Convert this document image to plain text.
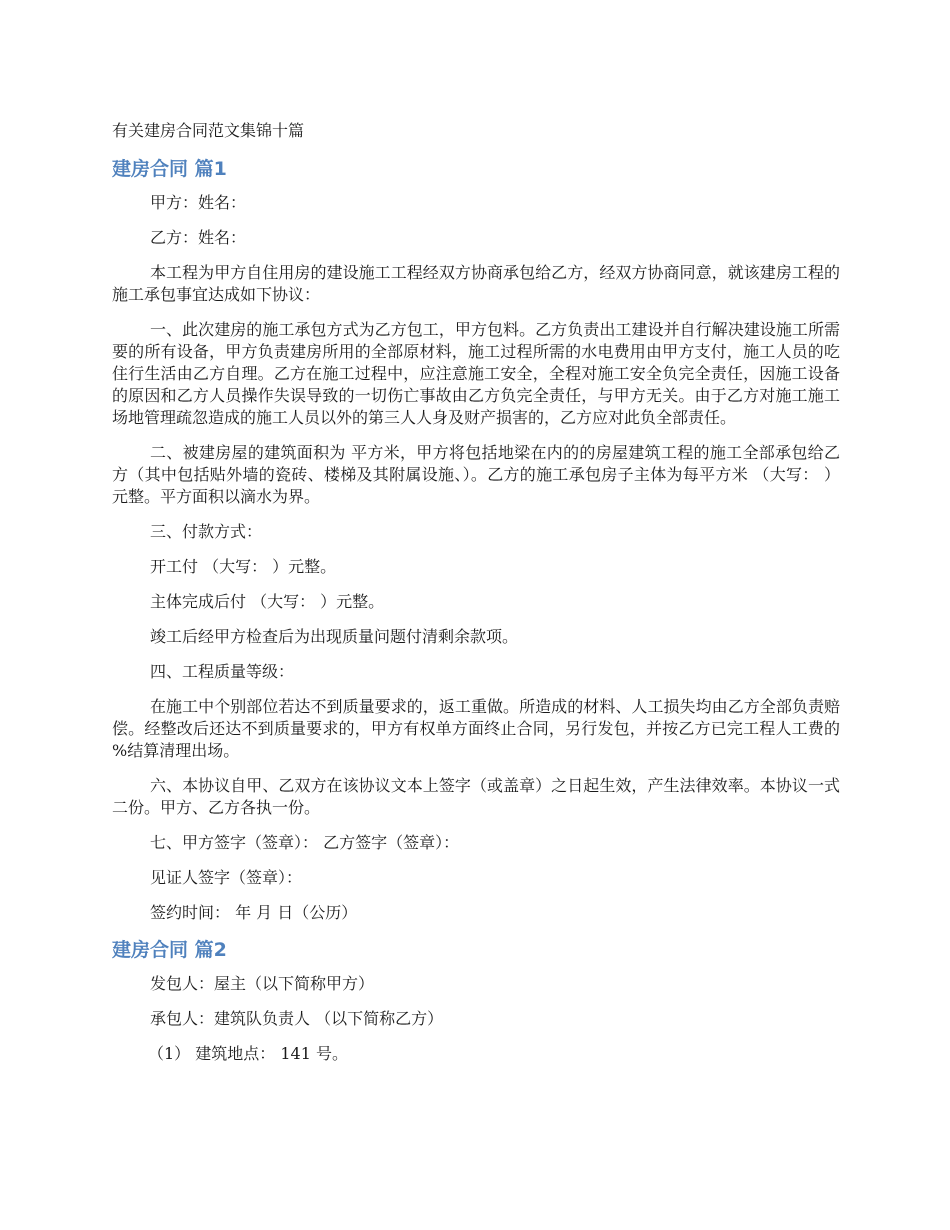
有关建房合同范文集锦十篇
建房合同 篇1

甲方：姓名：

乙方：姓名：

本工程为甲方自住用房的建设施工工程经双方协商承包给乙方，经双方协商同意，就该建房工程的施工承包事宜达成如下协议：

一、此次建房的施工承包方式为乙方包工，甲方包料。乙方负责出工建设并自行解决建设施工所需要的所有设备，甲方负责建房所用的全部原材料，施工过程所需的水电费用由甲方支付，施工人员的吃住行生活由乙方自理。乙方在施工过程中，应注意施工安全，全程对施工安全负完全责任，因施工设备的原因和乙方人员操作失误导致的一切伤亡事故由乙方负完全责任，与甲方无关。由于乙方对施工施工场地管理疏忽造成的施工人员以外的第三人人身及财产损害的，乙方应对此负全部责任。

二、被建房屋的建筑面积为 平方米，甲方将包括地梁在内的的房屋建筑工程的施工全部承包给乙方（其中包括贴外墙的瓷砖、楼梯及其附属设施、）。乙方的施工承包房子主体为每平方米 （大写： ）元整。平方面积以滴水为界。

三、付款方式：

开工付 （大写： ）元整。

主体完成后付 （大写： ）元整。

竣工后经甲方检查后为出现质量问题付清剩余款项。

四、工程质量等级：

在施工中个别部位若达不到质量要求的，返工重做。所造成的材料、人工损失均由乙方全部负责赔偿。经整改后还达不到质量要求的，甲方有权单方面终止合同，另行发包，并按乙方已完工程人工费的 %结算清理出场。

六、本协议自甲、乙双方在该协议文本上签字（或盖章）之日起生效，产生法律效率。本协议一式二份。甲方、乙方各执一份。

七、甲方签字（签章）： 乙方签字（签章）：

见证人签字（签章）：

签约时间： 年 月 日（公历）

建房合同 篇2

发包人：屋主（以下简称甲方）

承包人：建筑队负责人 （以下简称乙方）

（1） 建筑地点： 141 号。
